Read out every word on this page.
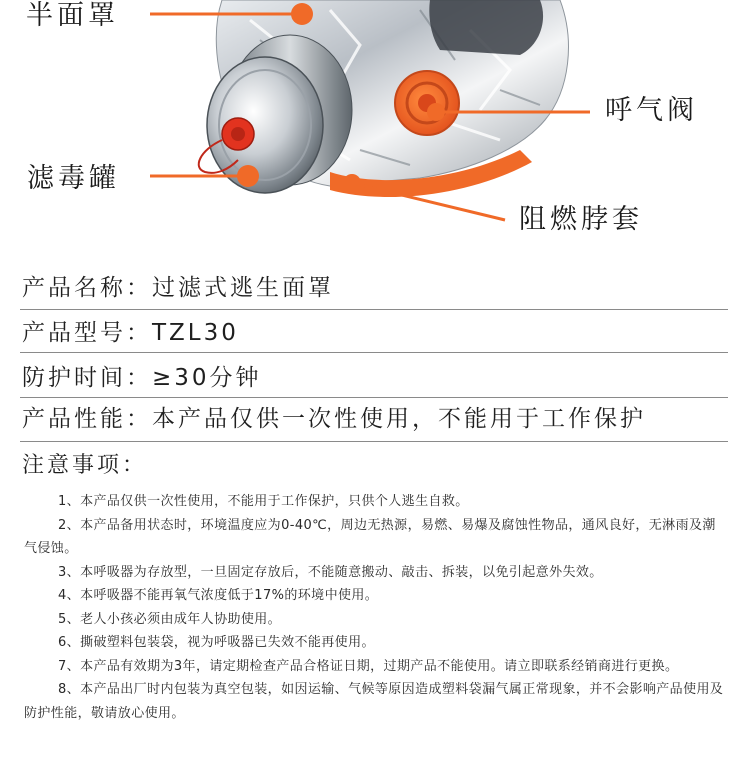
半面罩
滤毒罐
呼气阀
阻燃脖套
产品名称 ： 过滤式逃生面罩
产品型号 ： TZL30
防护时间 ： ≥30分钟
产品性能 ： 本产品仅供一次性使用，不能用于工作保护
注意事项 ：

1、本产品仅供一次性使用，不能用于工作保护，只供个人逃生自救。

2、本产品备用状态时，环境温度应为0-40℃，周边无热源，易燃、易爆及腐蚀性物品，通风良好，无淋雨及潮气侵蚀。

3、本呼吸器为存放型，一旦固定存放后，不能随意搬动、敲击、拆装，以免引起意外失效。

4、本呼吸器不能再氧气浓度低于17%的环境中使用。

5、老人小孩必须由成年人协助使用。

6、撕破塑料包装袋，视为呼吸器已失效不能再使用。

7、本产品有效期为3年，请定期检查产品合格证日期，过期产品不能使用。请立即联系经销商进行更换。

8、本产品出厂时内包装为真空包装，如因运输、气候等原因造成塑料袋漏气属正常现象，并不会影响产品使用及防护性能，敬请放心使用。
